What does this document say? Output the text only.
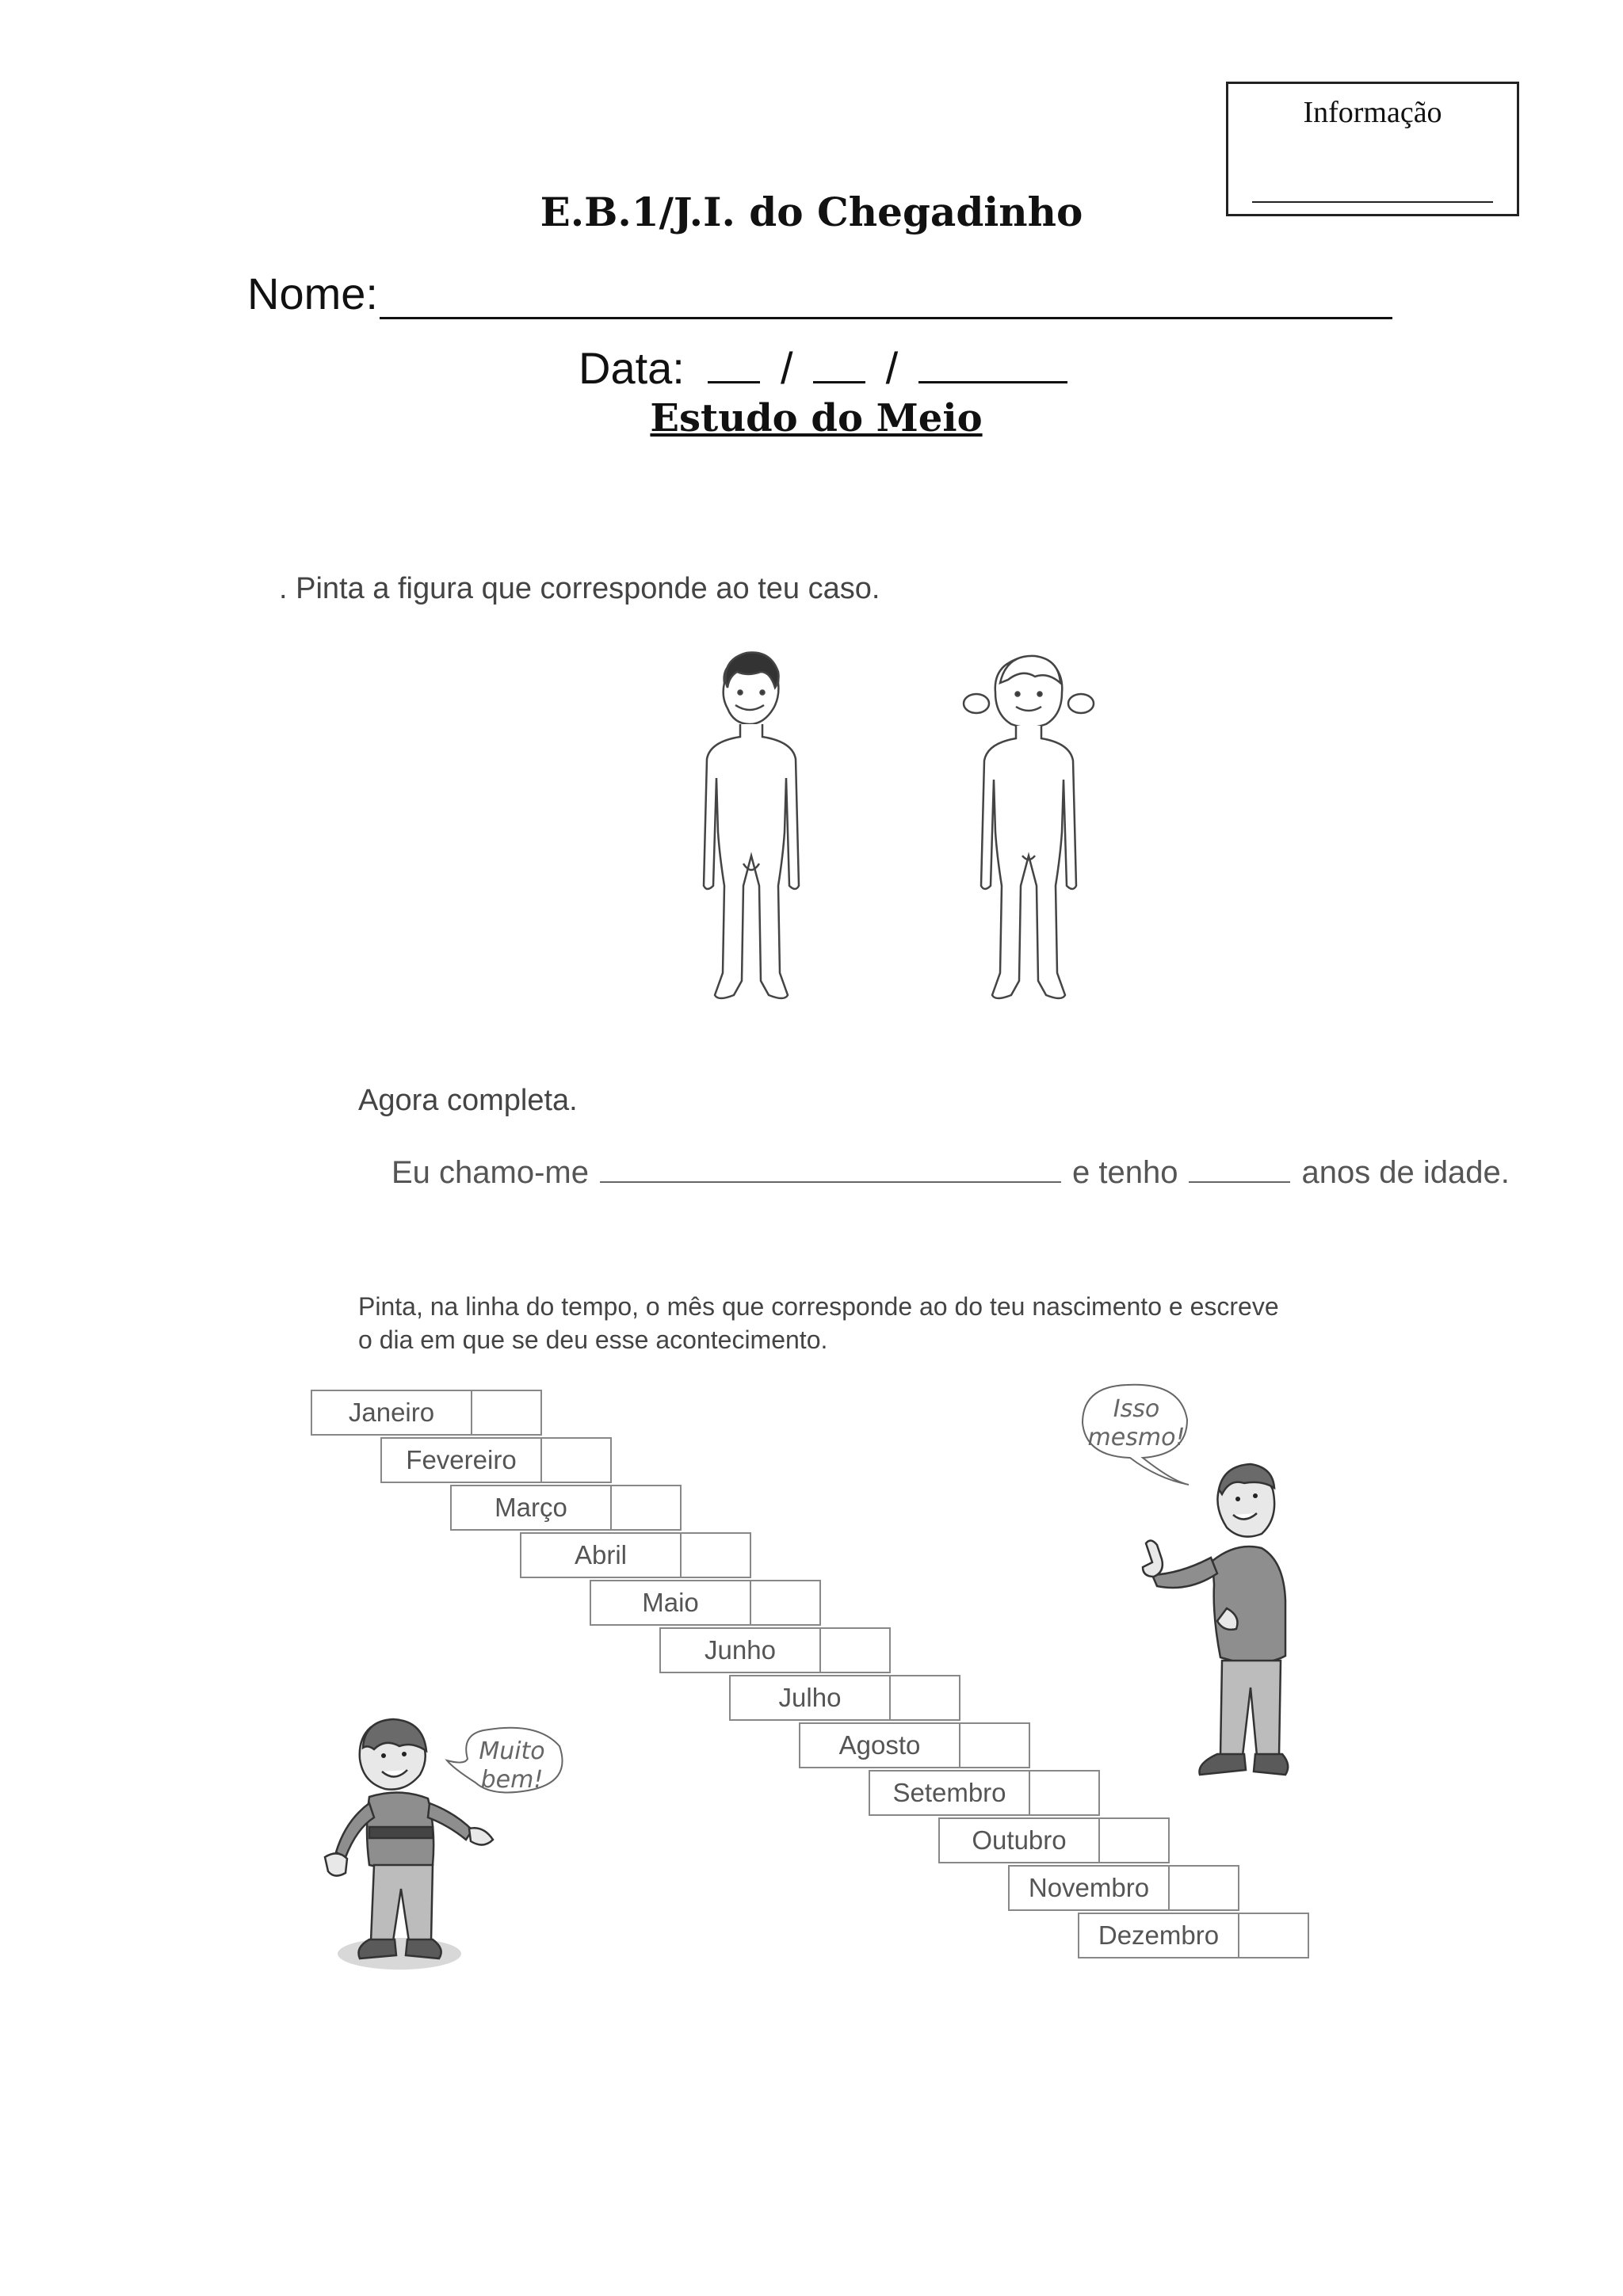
Informação
E.B.1/J.I. do Chegadinho
Nome:
Data: / /
Estudo do Meio
. Pinta a figura que corresponde ao teu caso.
Agora completa.
Eu chamo-me	e tenho	anos de idade.
Pinta, na linha do tempo, o mês que corresponde ao do teu nascimento e escreve
o dia em que se deu esse acontecimento.
Janeiro
Fevereiro
Março
Abril
Maio
Junho
Julho
Agosto
Setembro
Outubro
Novembro
Dezembro
Isso
mesmo!
Muito
bem!
